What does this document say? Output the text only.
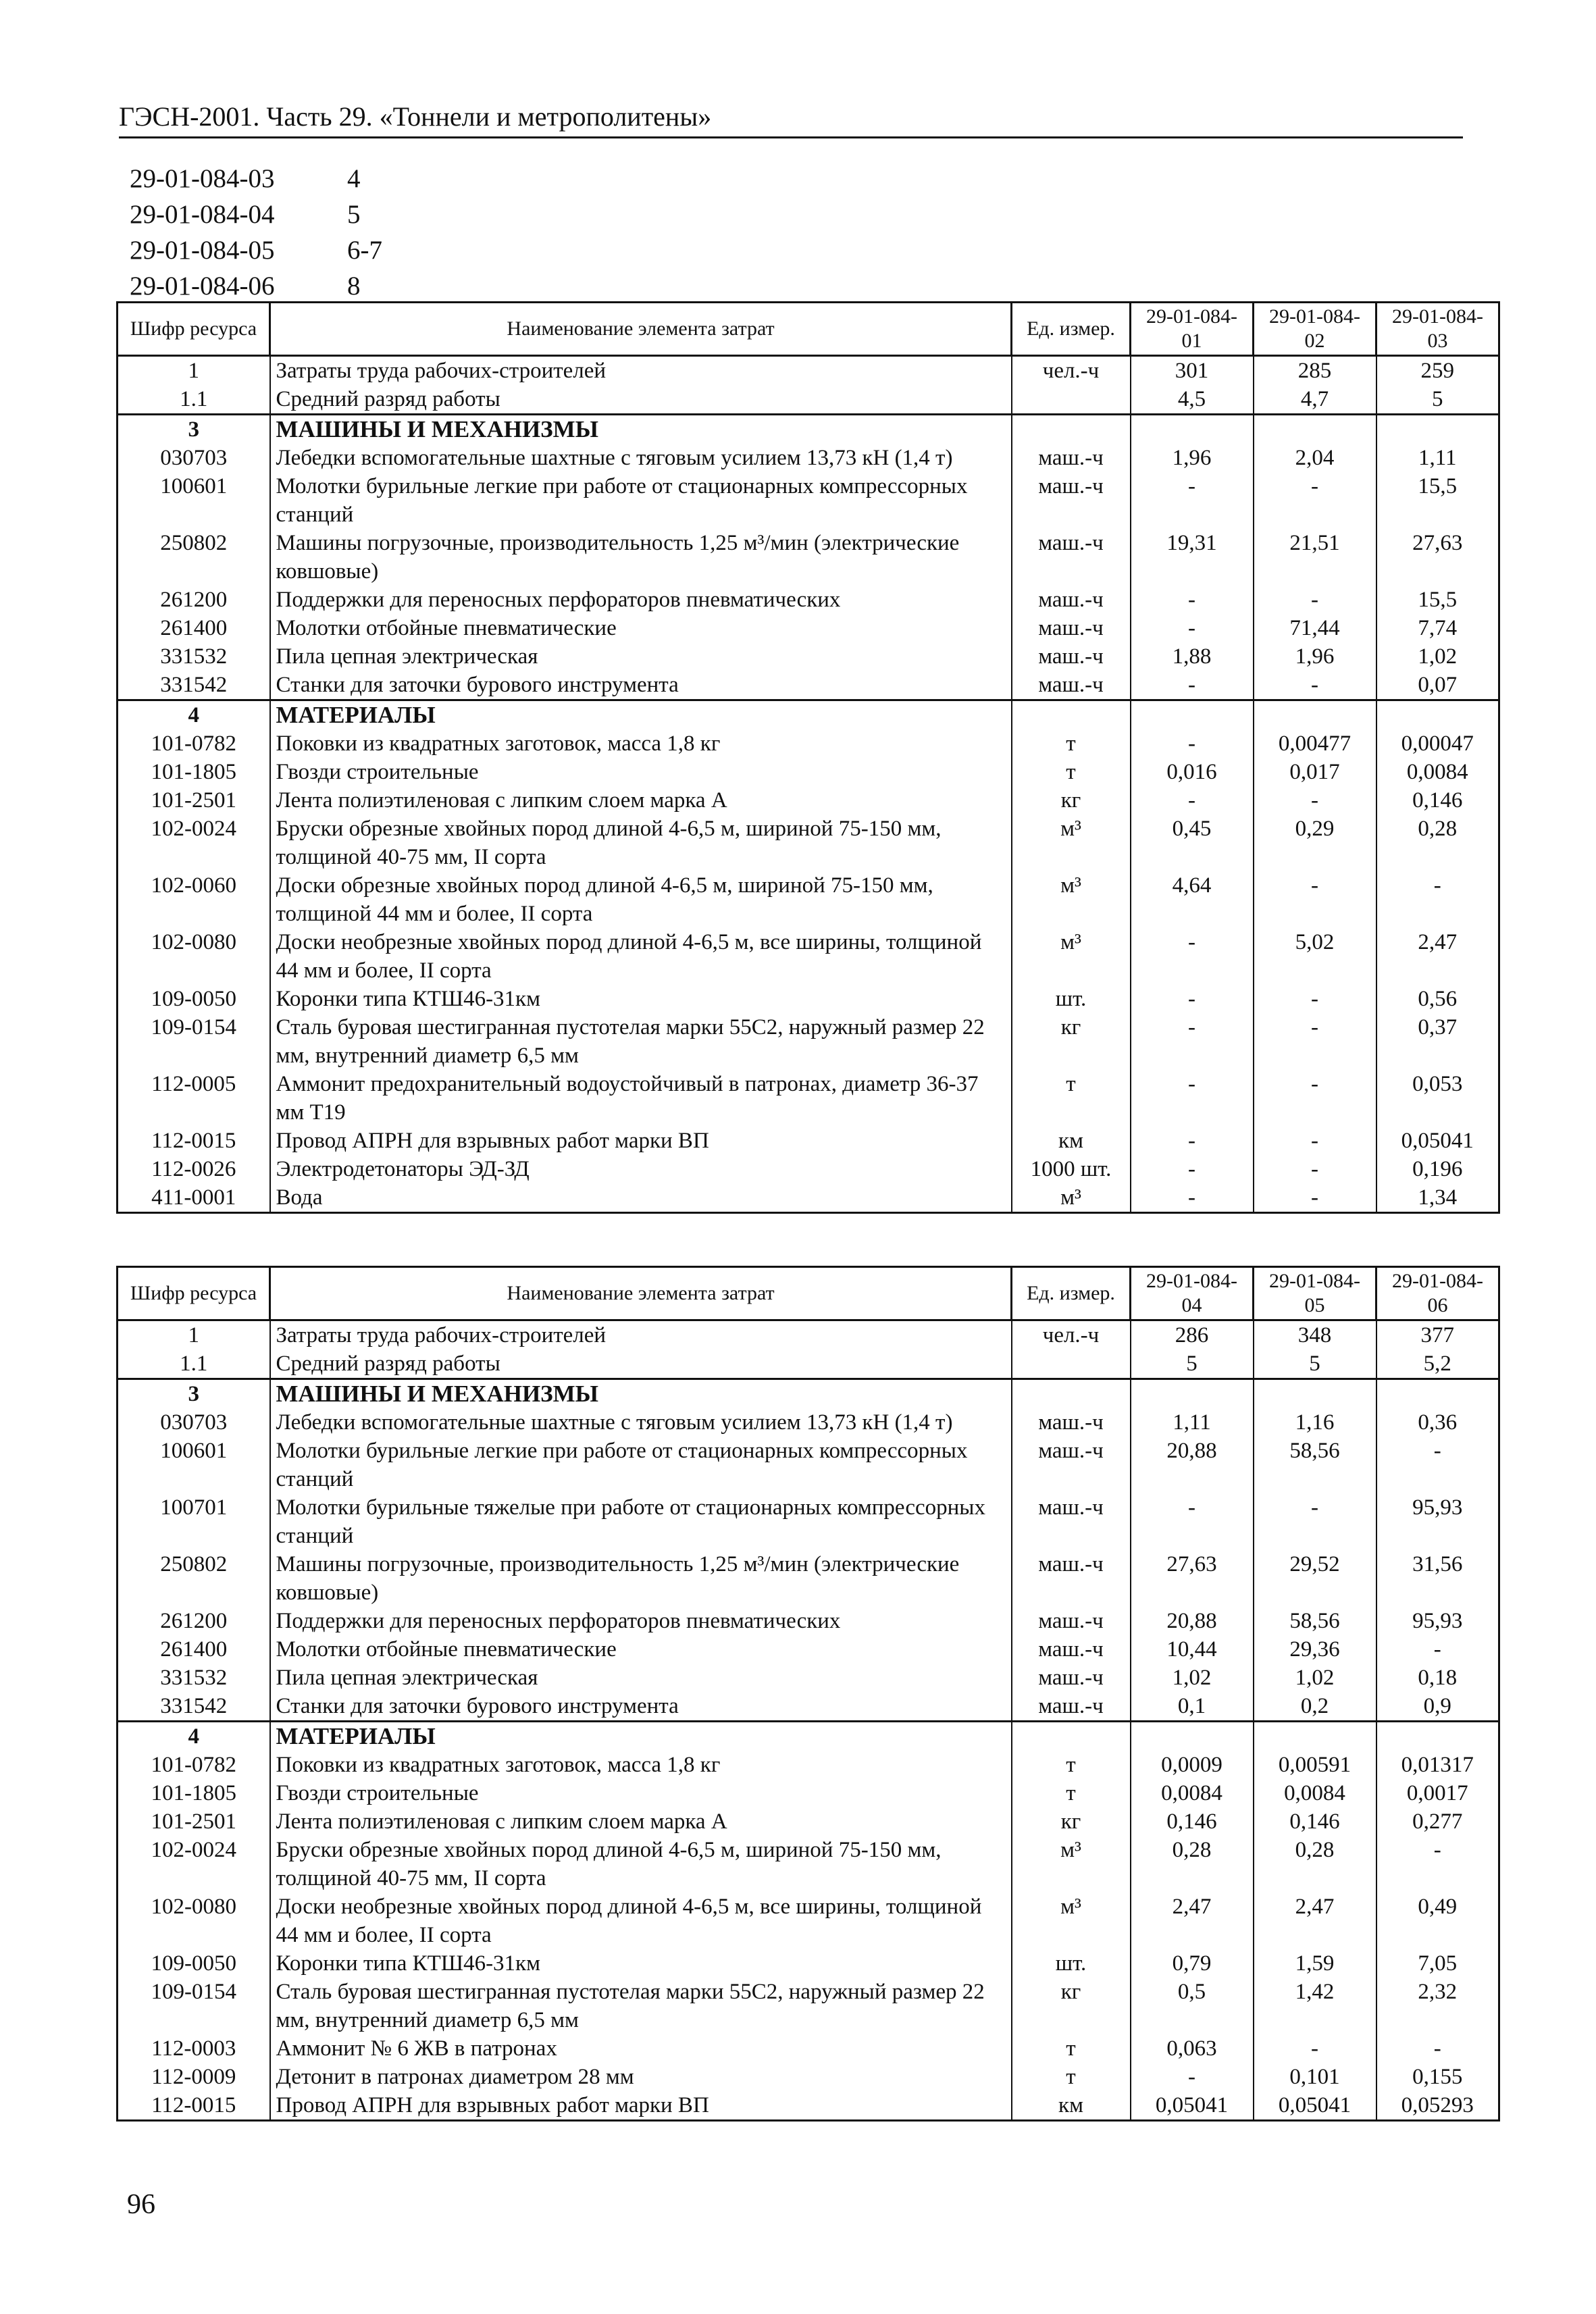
ГЭСН-2001. Часть 29. «Тоннели и метрополитены»
29-01-084-03	4
29-01-084-04	5
29-01-084-05	6-7
29-01-084-06	8
Шифр ресурса	Наименование элемента затрат	Ед. измер.	29-01-084-01	29-01-084-02	29-01-084-03
1	Затраты труда рабочих-строителей	чел.-ч	301	285	259
1.1	Средний разряд работы		4,5	4,7	5
3	МАШИНЫ И МЕХАНИЗМЫ				
030703	Лебедки вспомогательные шахтные с тяговым усилием 13,73 кН (1,4 т)	маш.-ч	1,96	2,04	1,11
100601	Молотки бурильные легкие при работе от стационарных компрессорных станций	маш.-ч	-	-	15,5
250802	Машины погрузочные, производительность 1,25 м³/мин (электрические ковшовые)	маш.-ч	19,31	21,51	27,63
261200	Поддержки для переносных перфораторов пневматических	маш.-ч	-	-	15,5
261400	Молотки отбойные пневматические	маш.-ч	-	71,44	7,74
331532	Пила цепная электрическая	маш.-ч	1,88	1,96	1,02
331542	Станки для заточки бурового инструмента	маш.-ч	-	-	0,07
4	МАТЕРИАЛЫ				
101-0782	Поковки из квадратных заготовок, масса 1,8 кг	т	-	0,00477	0,00047
101-1805	Гвозди строительные	т	0,016	0,017	0,0084
101-2501	Лента полиэтиленовая с липким слоем марка А	кг	-	-	0,146
102-0024	Бруски обрезные хвойных пород длиной 4-6,5 м, шириной 75-150 мм, толщиной 40-75 мм, II сорта	м³	0,45	0,29	0,28
102-0060	Доски обрезные хвойных пород длиной 4-6,5 м, шириной 75-150 мм, толщиной 44 мм и более, II сорта	м³	4,64	-	-
102-0080	Доски необрезные хвойных пород длиной 4-6,5 м, все ширины, толщиной 44 мм и более, II сорта	м³	-	5,02	2,47
109-0050	Коронки типа КТШ46-31км	шт.	-	-	0,56
109-0154	Сталь буровая шестигранная пустотелая марки 55С2, наружный размер 22 мм, внутренний диаметр 6,5 мм	кг	-	-	0,37
112-0005	Аммонит предохранительный водоустойчивый в патронах, диаметр 36-37 мм Т19	т	-	-	0,053
112-0015	Провод АПРН для взрывных работ марки ВП	км	-	-	0,05041
112-0026	Электродетонаторы ЭД-ЗД	1000 шт.	-	-	0,196
411-0001	Вода	м³	-	-	1,34
Шифр ресурса	Наименование элемента затрат	Ед. измер.	29-01-084-04	29-01-084-05	29-01-084-06
1	Затраты труда рабочих-строителей	чел.-ч	286	348	377
1.1	Средний разряд работы		5	5	5,2
3	МАШИНЫ И МЕХАНИЗМЫ				
030703	Лебедки вспомогательные шахтные с тяговым усилием 13,73 кН (1,4 т)	маш.-ч	1,11	1,16	0,36
100601	Молотки бурильные легкие при работе от стационарных компрессорных станций	маш.-ч	20,88	58,56	-
100701	Молотки бурильные тяжелые при работе от стационарных компрессорных станций	маш.-ч	-	-	95,93
250802	Машины погрузочные, производительность 1,25 м³/мин (электрические ковшовые)	маш.-ч	27,63	29,52	31,56
261200	Поддержки для переносных перфораторов пневматических	маш.-ч	20,88	58,56	95,93
261400	Молотки отбойные пневматические	маш.-ч	10,44	29,36	-
331532	Пила цепная электрическая	маш.-ч	1,02	1,02	0,18
331542	Станки для заточки бурового инструмента	маш.-ч	0,1	0,2	0,9
4	МАТЕРИАЛЫ				
101-0782	Поковки из квадратных заготовок, масса 1,8 кг	т	0,0009	0,00591	0,01317
101-1805	Гвозди строительные	т	0,0084	0,0084	0,0017
101-2501	Лента полиэтиленовая с липким слоем марка А	кг	0,146	0,146	0,277
102-0024	Бруски обрезные хвойных пород длиной 4-6,5 м, шириной 75-150 мм, толщиной 40-75 мм, II сорта	м³	0,28	0,28	-
102-0080	Доски необрезные хвойных пород длиной 4-6,5 м, все ширины, толщиной 44 мм и более, II сорта	м³	2,47	2,47	0,49
109-0050	Коронки типа КТШ46-31км	шт.	0,79	1,59	7,05
109-0154	Сталь буровая шестигранная пустотелая марки 55С2, наружный размер 22 мм, внутренний диаметр 6,5 мм	кг	0,5	1,42	2,32
112-0003	Аммонит № 6 ЖВ в патронах	т	0,063	-	-
112-0009	Детонит в патронах диаметром 28 мм	т	-	0,101	0,155
112-0015	Провод АПРН для взрывных работ марки ВП	км	0,05041	0,05041	0,05293
96
